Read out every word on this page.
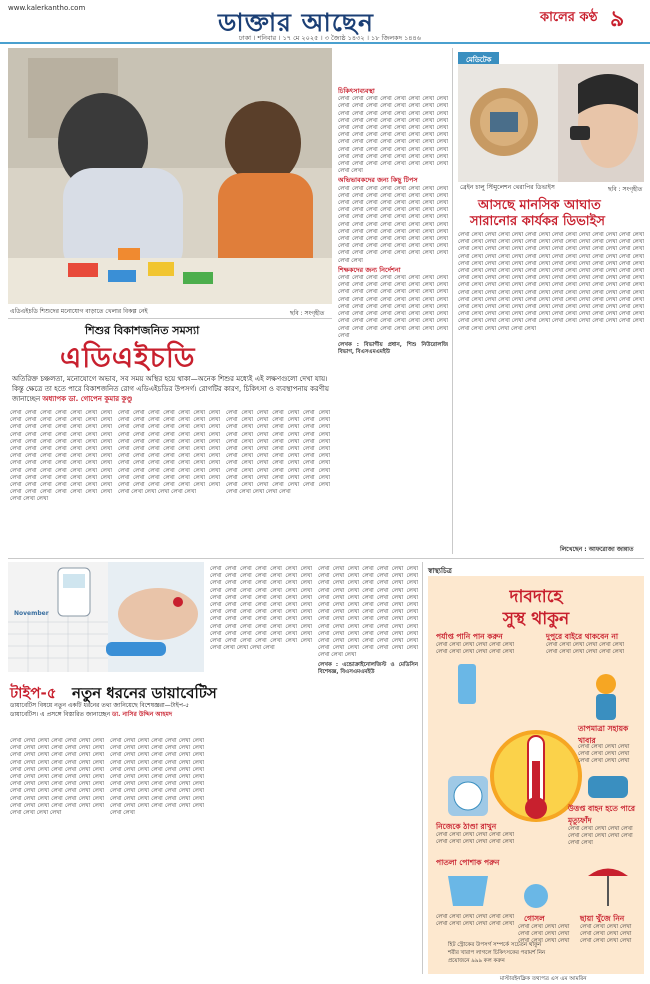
www.kalerkantho.com	ডাক্তার আছেন	কালের কণ্ঠ ৯
ঢাকা । শনিবার । ১৭ মে ২০২৫ । ৩ জ্যৈষ্ঠ ১৪৩২ । ১৮ জিলকদ ১৪৪৬
এডিএইচডি শিশুদের মনোযোগ বাড়াতে খেলার বিকল্প নেই	ছবি : সংগৃহীত
শিশুর বিকাশজনিত সমস্যা
এডিএইচডি
অতিরিক্ত চঞ্চলতা, মনোযোগে অভাব, সব সময় অস্থির হয়ে থাকা—অনেক শিশুর মধ্যেই এই লক্ষণগুলো দেখা যায়। কিন্তু ক্ষেত্রে তা হতে পারে বিকাশজনিত রোগ এডিএইচডির উপসর্গ। রোগটির কারণ, চিকিৎসা ও ব্যবস্থাপনায় করণীয় জানাচ্ছেন অধ্যাপক ডা. গোপেন কুমার কুণ্ডু
লেখা লেখা লেখা লেখা লেখা লেখা লেখা লেখা লেখা লেখা লেখা লেখা লেখা লেখা লেখা লেখা লেখা লেখা লেখা লেখা লেখা লেখা লেখা লেখা লেখা লেখা লেখা লেখা লেখা লেখা লেখা লেখা লেখা লেখা লেখা লেখা লেখা লেখা লেখা লেখা লেখা লেখা লেখা লেখা লেখা লেখা লেখা লেখা লেখা লেখা লেখা লেখা লেখা লেখা লেখা লেখা লেখা লেখা লেখা লেখা লেখা লেখা লেখা লেখা লেখা লেখা লেখা লেখা লেখা লেখা লেখা লেখা লেখা লেখা লেখা লেখা লেখা লেখা লেখা লেখা লেখা লেখা লেখা লেখা লেখা লেখা লেখা
লেখা লেখা লেখা লেখা লেখা লেখা লেখা লেখা লেখা লেখা লেখা লেখা লেখা লেখা লেখা লেখা লেখা লেখা লেখা লেখা লেখা লেখা লেখা লেখা লেখা লেখা লেখা লেখা লেখা লেখা লেখা লেখা লেখা লেখা লেখা লেখা লেখা লেখা লেখা লেখা লেখা লেখা লেখা লেখা লেখা লেখা লেখা লেখা লেখা লেখা লেখা লেখা লেখা লেখা লেখা লেখা লেখা লেখা লেখা লেখা লেখা লেখা লেখা লেখা লেখা লেখা লেখা লেখা লেখা লেখা লেখা লেখা লেখা লেখা লেখা লেখা লেখা লেখা লেখা লেখা লেখা লেখা লেখা
লেখা লেখা লেখা লেখা লেখা লেখা লেখা লেখা লেখা লেখা লেখা লেখা লেখা লেখা লেখা লেখা লেখা লেখা লেখা লেখা লেখা লেখা লেখা লেখা লেখা লেখা লেখা লেখা লেখা লেখা লেখা লেখা লেখা লেখা লেখা লেখা লেখা লেখা লেখা লেখা লেখা লেখা লেখা লেখা লেখা লেখা লেখা লেখা লেখা লেখা লেখা লেখা লেখা লেখা লেখা লেখা লেখা লেখা লেখা লেখা লেখা লেখা লেখা লেখা লেখা লেখা লেখা লেখা লেখা লেখা লেখা লেখা লেখা লেখা লেখা লেখা লেখা লেখা লেখা লেখা লেখা লেখা
চিকিৎসাব্যবস্থা

লেখা লেখা লেখা লেখা লেখা লেখা লেখা লেখা লেখা লেখা লেখা লেখা লেখা লেখা লেখা লেখা লেখা লেখা লেখা লেখা লেখা লেখা লেখা লেখা লেখা লেখা লেখা লেখা লেখা লেখা লেখা লেখা লেখা লেখা লেখা লেখা লেখা লেখা লেখা লেখা লেখা লেখা লেখা লেখা লেখা লেখা লেখা লেখা লেখা লেখা লেখা লেখা লেখা লেখা লেখা লেখা লেখা লেখা লেখা লেখা লেখা লেখা লেখা লেখা লেখা লেখা লেখা লেখা লেখা লেখা লেখা লেখা লেখা লেখা লেখা লেখা লেখা লেখা লেখা লেখা লেখা লেখা

অভিভাবকদের জন্য কিছু টিপস

লেখা লেখা লেখা লেখা লেখা লেখা লেখা লেখা লেখা লেখা লেখা লেখা লেখা লেখা লেখা লেখা লেখা লেখা লেখা লেখা লেখা লেখা লেখা লেখা লেখা লেখা লেখা লেখা লেখা লেখা লেখা লেখা লেখা লেখা লেখা লেখা লেখা লেখা লেখা লেখা লেখা লেখা লেখা লেখা লেখা লেখা লেখা লেখা লেখা লেখা লেখা লেখা লেখা লেখা লেখা লেখা লেখা লেখা লেখা লেখা লেখা লেখা লেখা লেখা লেখা লেখা লেখা লেখা লেখা লেখা লেখা লেখা লেখা লেখা লেখা লেখা লেখা লেখা লেখা লেখা লেখা লেখা

শিক্ষকদের জন্য নির্দেশনা

লেখা লেখা লেখা লেখা লেখা লেখা লেখা লেখা লেখা লেখা লেখা লেখা লেখা লেখা লেখা লেখা লেখা লেখা লেখা লেখা লেখা লেখা লেখা লেখা লেখা লেখা লেখা লেখা লেখা লেখা লেখা লেখা লেখা লেখা লেখা লেখা লেখা লেখা লেখা লেখা লেখা লেখা লেখা লেখা লেখা লেখা লেখা লেখা লেখা লেখা লেখা লেখা লেখা লেখা লেখা লেখা লেখা লেখা লেখা লেখা লেখা লেখা লেখা লেখা লেখা

লেখক : বিভাগীয় প্রধান, শিশু নিউরোলজি বিভাগ, বিএসএমএমইউ

মেডিটেক
ব্রেইন চালু স্টিমুলেশন থেরাপির ডিভাইস	ছবি : সংগৃহীত
আসছে মানসিক আঘাত
সারানোর কার্যকর ডিভাইস
লেখা লেখা লেখা লেখা লেখা লেখা লেখা লেখা লেখা লেখা লেখা লেখা লেখা লেখা লেখা লেখা লেখা লেখা লেখা লেখা লেখা লেখা লেখা লেখা লেখা লেখা লেখা লেখা লেখা লেখা লেখা লেখা লেখা লেখা লেখা লেখা লেখা লেখা লেখা লেখা লেখা লেখা লেখা লেখা লেখা লেখা লেখা লেখা লেখা লেখা লেখা লেখা লেখা লেখা লেখা লেখা লেখা লেখা লেখা লেখা লেখা লেখা লেখা লেখা লেখা লেখা লেখা লেখা লেখা লেখা লেখা লেখা লেখা লেখা লেখা লেখা লেখা লেখা লেখা লেখা লেখা লেখা লেখা লেখা লেখা লেখা লেখা লেখা লেখা লেখা লেখা লেখা লেখা লেখা লেখা লেখা লেখা লেখা লেখা লেখা লেখা লেখা লেখা লেখা লেখা লেখা লেখা লেখা লেখা লেখা লেখা লেখা লেখা লেখা লেখা লেখা লেখা লেখা লেখা লেখা লেখা লেখা লেখা লেখা লেখা লেখা লেখা লেখা লেখা লেখা লেখা লেখা লেখা লেখা লেখা লেখা লেখা লেখা লেখা লেখা লেখা লেখা লেখা লেখা লেখা লেখা লেখা লেখা লেখা লেখা লেখা লেখা লেখা লেখা লেখা লেখা লেখা লেখা লেখা লেখা লেখা লেখা লেখা লেখা লেখা লেখা লেখা লেখা লেখা লেখা লেখা লেখা লেখা লেখা লেখা লেখা লেখা লেখা লেখা লেখা লেখা লেখা লেখা লেখা লেখা লেখা লেখা লেখা
লিখেছেন : আফরোজা জান্নাত
November
টাইপ-৫ নতুন ধরনের ডায়াবেটিস
ডায়াবেটিস বিষয়ে নতুন একটি ধরনের তথ্য জানিয়েছে বিশেষজ্ঞরা—টাইপ-৫ ডায়াবেটিস। এ প্রসঙ্গে বিস্তারিত জানাচ্ছেন ডা. নাসির উদ্দিন আহমদ
লেখা লেখা লেখা লেখা লেখা লেখা লেখা লেখা লেখা লেখা লেখা লেখা লেখা লেখা লেখা লেখা লেখা লেখা লেখা লেখা লেখা লেখা লেখা লেখা লেখা লেখা লেখা লেখা লেখা লেখা লেখা লেখা লেখা লেখা লেখা লেখা লেখা লেখা লেখা লেখা লেখা লেখা লেখা লেখা লেখা লেখা লেখা লেখা লেখা লেখা লেখা লেখা লেখা লেখা লেখা লেখা লেখা লেখা লেখা লেখা লেখা লেখা লেখা লেখা লেখা লেখা লেখা লেখা লেখা লেখা লেখা লেখা লেখা লেখা
লেখা লেখা লেখা লেখা লেখা লেখা লেখা লেখা লেখা লেখা লেখা লেখা লেখা লেখা লেখা লেখা লেখা লেখা লেখা লেখা লেখা লেখা লেখা লেখা লেখা লেখা লেখা লেখা লেখা লেখা লেখা লেখা লেখা লেখা লেখা লেখা লেখা লেখা লেখা লেখা লেখা লেখা লেখা লেখা লেখা লেখা লেখা লেখা লেখা লেখা লেখা লেখা লেখা লেখা লেখা লেখা লেখা লেখা লেখা লেখা লেখা লেখা লেখা লেখা লেখা লেখা লেখা লেখা লেখা লেখা লেখা লেখা
লেখা লেখা লেখা লেখা লেখা লেখা লেখা লেখা লেখা লেখা লেখা লেখা লেখা লেখা লেখা লেখা লেখা লেখা লেখা লেখা লেখা লেখা লেখা লেখা লেখা লেখা লেখা লেখা লেখা লেখা লেখা লেখা লেখা লেখা লেখা লেখা লেখা লেখা লেখা লেখা লেখা লেখা লেখা লেখা লেখা লেখা লেখা লেখা লেখা লেখা লেখা লেখা লেখা লেখা লেখা লেখা লেখা লেখা লেখা লেখা লেখা লেখা লেখা লেখা লেখা লেখা লেখা লেখা লেখা লেখা লেখা লেখা লেখা লেখা লেখা লেখা লেখা লেখা লেখা লেখা লেখা লেখা

লেখা লেখা লেখা লেখা লেখা লেখা লেখা লেখা লেখা লেখা লেখা লেখা লেখা লেখা লেখা লেখা লেখা লেখা লেখা লেখা লেখা লেখা লেখা লেখা লেখা লেখা লেখা লেখা লেখা লেখা লেখা লেখা লেখা লেখা লেখা লেখা লেখা লেখা লেখা লেখা লেখা লেখা লেখা লেখা লেখা লেখা লেখা লেখা লেখা লেখা লেখা লেখা লেখা লেখা লেখা লেখা লেখা লেখা লেখা লেখা লেখা লেখা লেখা লেখা লেখা লেখা লেখা লেখা লেখা লেখা লেখা লেখা লেখা লেখা লেখা লেখা লেখা লেখা লেখা লেখা লেখা লেখা লেখা লেখা লেখা লেখা লেখা

লেখক : এন্ডোক্রাইনোলজিস্ট ও মেডিসিন বিশেষজ্ঞ, বিএসএমএমইউ

স্বাস্থ্যচিত্র
দাবদাহে
সুস্থ থাকুন
পর্যাপ্ত পানি পান করুন
লেখা লেখা লেখা লেখা লেখা লেখা লেখা লেখা লেখা লেখা লেখা লেখা
দুপুরে বাইরে থাকবেন না
লেখা লেখা লেখা লেখা লেখা লেখা লেখা লেখা লেখা লেখা লেখা লেখা
তাপমাত্রা সহায়ক খাবার
লেখা লেখা লেখা লেখা লেখা লেখা লেখা লেখা লেখা লেখা লেখা লেখা
নিজেকে ঠাণ্ডা রাখুন
লেখা লেখা লেখা লেখা লেখা লেখা লেখা লেখা লেখা লেখা লেখা লেখা
উত্তপ্ত বাহন হতে পারে মৃত্যুফাঁদ
লেখা লেখা লেখা লেখা লেখা লেখা লেখা লেখা লেখা লেখা লেখা লেখা
পাতলা পোশাক পরুন
লেখা লেখা লেখা লেখা লেখা লেখা লেখা লেখা লেখা লেখা লেখা লেখা
গোসল
লেখা লেখা লেখা লেখা লেখা লেখা লেখা লেখা লেখা লেখা লেখা লেখা
ছায়া খুঁজে নিন
লেখা লেখা লেখা লেখা লেখা লেখা লেখা লেখা লেখা লেখা লেখা লেখা
হিট স্ট্রোকের উপসর্গ সম্পর্কে সচেতন থাকুন
শরীর খারাপ লাগলে চিকিৎসকের পরামর্শ নিন
প্রয়োজনে ৯৯৯ কল করুন
মাস্টারইনক্লিক তথ্যপত্র এস এম আমরিন
